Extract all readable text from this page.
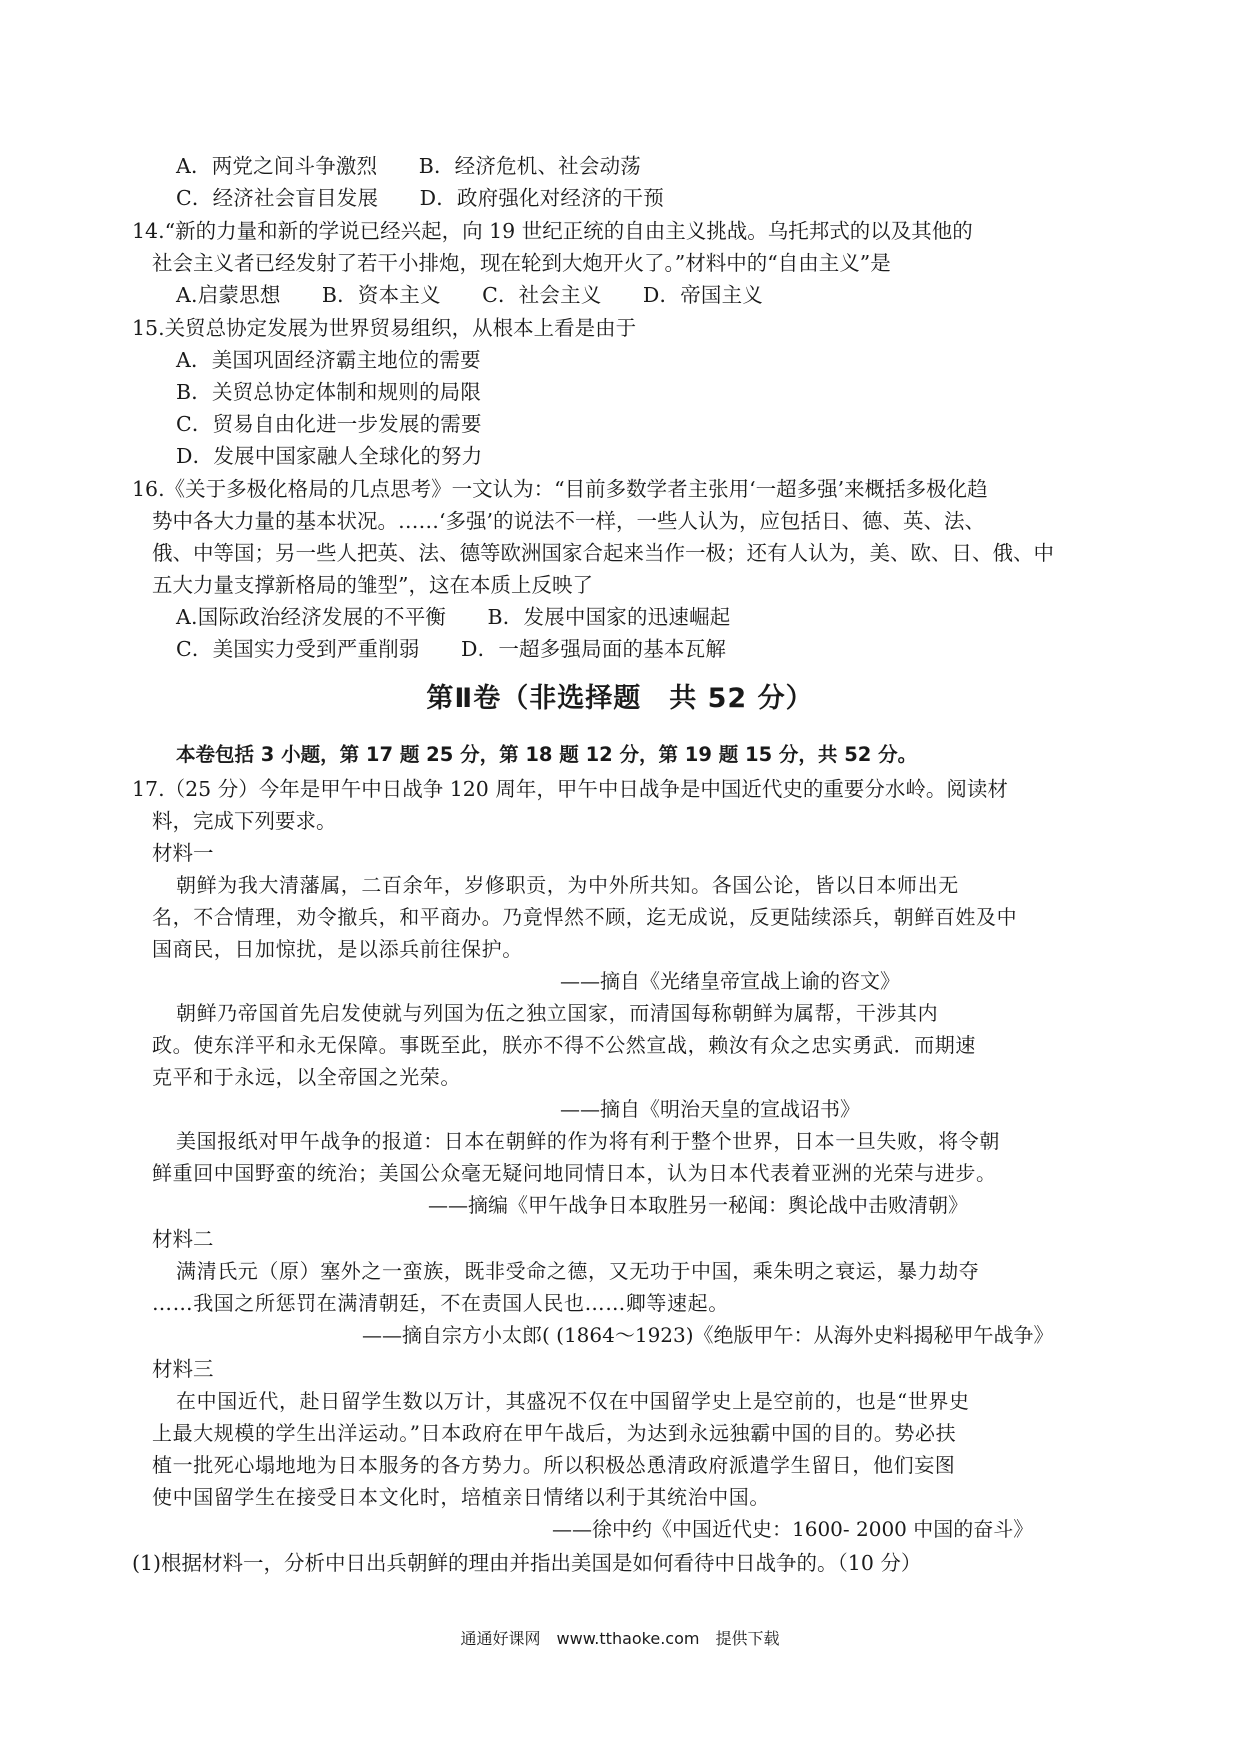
A．两党之间斗争激烈　　B．经济危机、社会动荡
C．经济社会盲目发展　　D．政府强化对经济的干预
14.“新的力量和新的学说已经兴起，向 19 世纪正统的自由主义挑战。乌托邦式的以及其他的
社会主义者已经发射了若干小排炮，现在轮到大炮开火了。”材料中的“自由主义”是
A.启蒙思想　　B．资本主义　　C．社会主义　　D．帝国主义
15.关贸总协定发展为世界贸易组织，从根本上看是由于
A．美国巩固经济霸主地位的需要
B．关贸总协定体制和规则的局限
C．贸易自由化进一步发展的需要
D．发展中国家融人全球化的努力
16.《关于多极化格局的几点思考》一文认为：“目前多数学者主张用‘一超多强’来概括多极化趋
势中各大力量的基本状况。……‘多强’的说法不一样，一些人认为，应包括日、德、英、法、
俄、中等国；另一些人把英、法、德等欧洲国家合起来当作一极；还有人认为，美、欧、日、俄、中
五大力量支撑新格局的雏型”，这在本质上反映了
A.国际政治经济发展的不平衡　　B．发展中国家的迅速崛起
C．美国实力受到严重削弱　　D．一超多强局面的基本瓦解
第Ⅱ卷（非选择题　共 52 分）
本卷包括 3 小题，第 17 题 25 分，第 18 题 12 分，第 19 题 15 分，共 52 分。
17.（25 分）今年是甲午中日战争 120 周年，甲午中日战争是中国近代史的重要分水岭。阅读材
料，完成下列要求。
材料一
朝鲜为我大清藩属，二百余年，岁修职贡，为中外所共知。各国公论，皆以日本师出无
名，不合情理，劝令撤兵，和平商办。乃竟悍然不顾，迄无成说，反更陆续添兵，朝鲜百姓及中
国商民，日加惊扰，是以添兵前往保护。
——摘自《光绪皇帝宣战上谕的咨文》
朝鲜乃帝国首先启发使就与列国为伍之独立国家，而清国每称朝鲜为属帮，干涉其内
政。使东洋平和永无保障。事既至此，朕亦不得不公然宣战，赖汝有众之忠实勇武．而期速
克平和于永远，以全帝国之光荣。
——摘自《明治天皇的宣战诏书》
美国报纸对甲午战争的报道：日本在朝鲜的作为将有利于整个世界，日本一旦失败，将令朝
鲜重回中国野蛮的统治；美国公众毫无疑问地同情日本，认为日本代表着亚洲的光荣与进步。
——摘编《甲午战争日本取胜另一秘闻：舆论战中击败清朝》
材料二
满清氏元（原）塞外之一蛮族，既非受命之德，又无功于中国，乘朱明之衰运，暴力劫夺
……我国之所惩罚在满清朝廷，不在责国人民也……卿等速起。
——摘自宗方小太郎( (1864～1923)《绝版甲午：从海外史料揭秘甲午战争》
材料三
在中国近代，赴日留学生数以万计，其盛况不仅在中国留学史上是空前的，也是“世界史
上最大规模的学生出洋运动。”日本政府在甲午战后，为达到永远独霸中国的目的。势必扶
植一批死心塌地地为日本服务的各方势力。所以积极怂恿清政府派遣学生留日，他们妄图
使中国留学生在接受日本文化时，培植亲日情绪以利于其统治中国。
——徐中约《中国近代史：1600- 2000 中国的奋斗》
(1)根据材料一，分析中日出兵朝鲜的理由并指出美国是如何看待中日战争的。（10 分）
通通好课网　www.tthaoke.com　提供下载
